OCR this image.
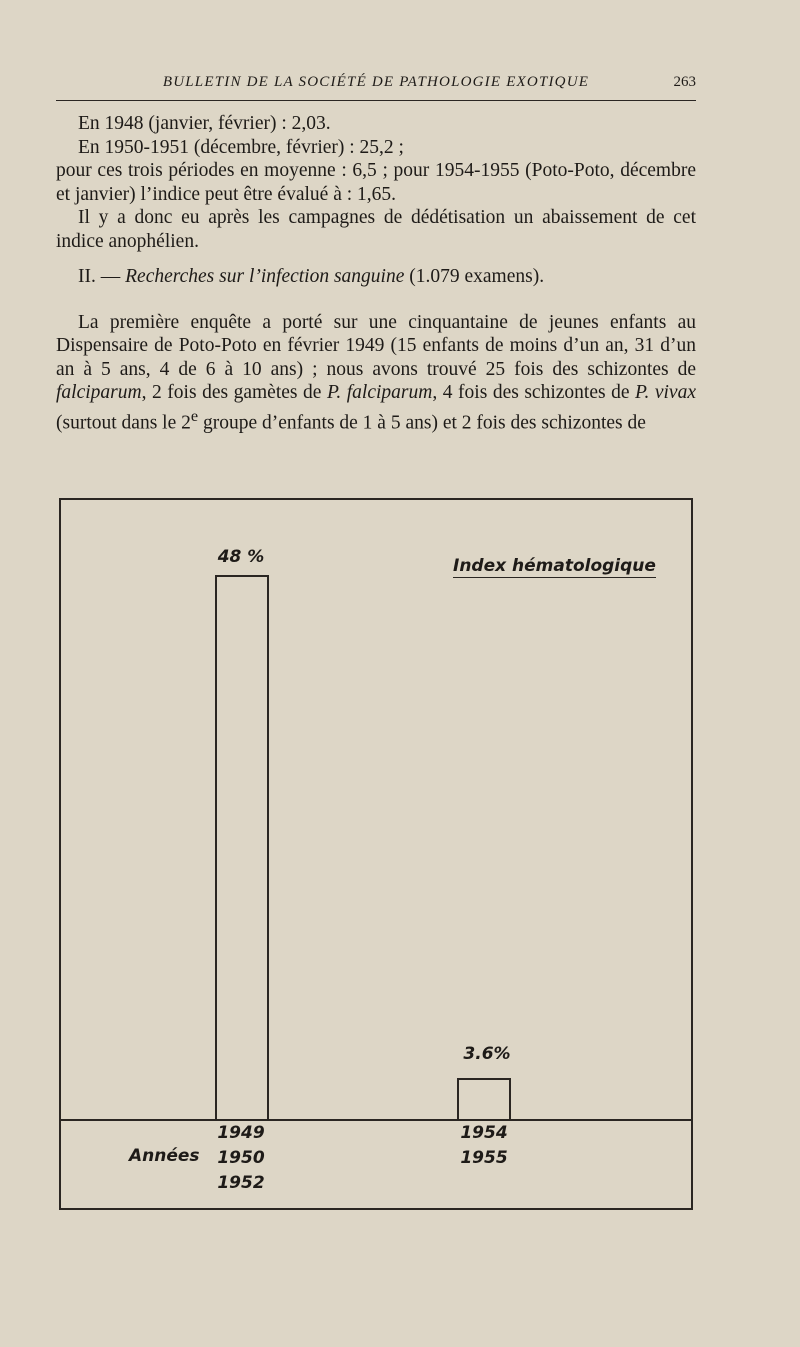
BULLETIN DE LA SOCIÉTÉ DE PATHOLOGIE EXOTIQUE	263

En 1948 (janvier, février) : 2,03.

En 1950-1951 (décembre, février) : 25,2 ;

pour ces trois périodes en moyenne : 6,5 ; pour 1954-1955 (Poto-Poto, décembre et janvier) l’indice peut être évalué à : 1,65.

Il y a donc eu après les campagnes de dédétisation un abaissement de cet indice anophélien.

II. — Recherches sur l’infection sanguine (1.079 examens).

La première enquête a porté sur une cinquantaine de jeunes enfants au Dispensaire de Poto-Poto en février 1949 (15 enfants de moins d’un an, 31 d’un an à 5 ans, 4 de 6 à 10 ans) ; nous avons trouvé 25 fois des schizontes de falciparum, 2 fois des gamètes de P. falciparum, 4 fois des schizontes de P. vivax (surtout dans le 2e groupe d’enfants de 1 à 5 ans) et 2 fois des schizontes de

Index hématologique
48 %
3.6%
Années
1949
1950
1952
1954
1955
